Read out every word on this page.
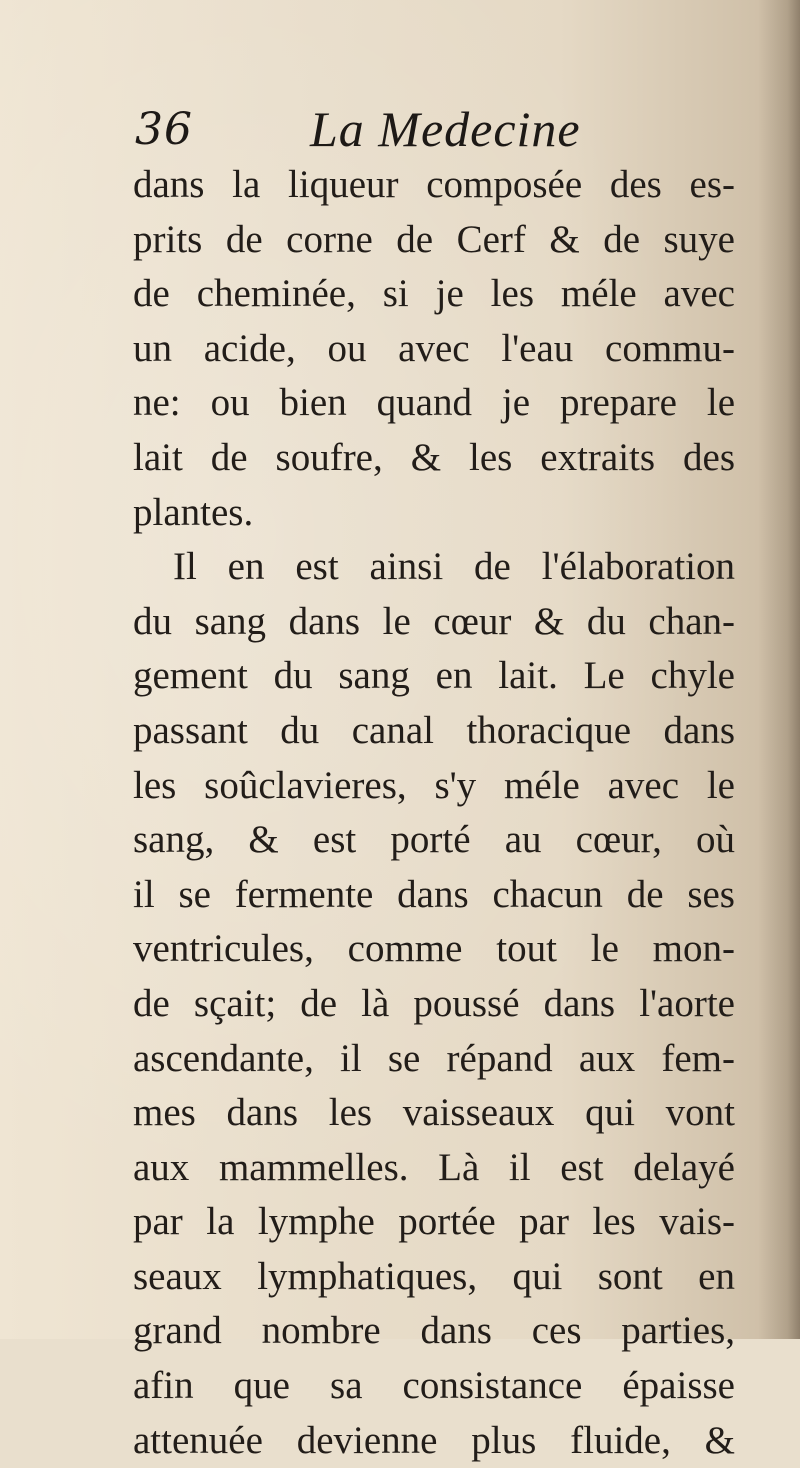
36 La Medecine
dans la liqueur composée des es-
prits de corne de Cerf & de suye
de cheminée, si je les méle avec
un acide, ou avec l'eau commu-
ne: ou bien quand je prepare le
lait de soufre, & les extraits des
plantes.
Il en est ainsi de l'élaboration
du sang dans le cœur & du chan-
gement du sang en lait. Le chyle
passant du canal thoracique dans
les soûclavieres, s'y méle avec le
sang, & est porté au cœur, où
il se fermente dans chacun de ses
ventricules, comme tout le mon-
de sçait; de là poussé dans l'aorte
ascendante, il se répand aux fem-
mes dans les vaisseaux qui vont
aux mammelles. Là il est delayé
par la lymphe portée par les vais-
seaux lymphatiques, qui sont en
grand nombre dans ces parties,
afin que sa consistance épaisse
attenuée devienne plus fluide, &
